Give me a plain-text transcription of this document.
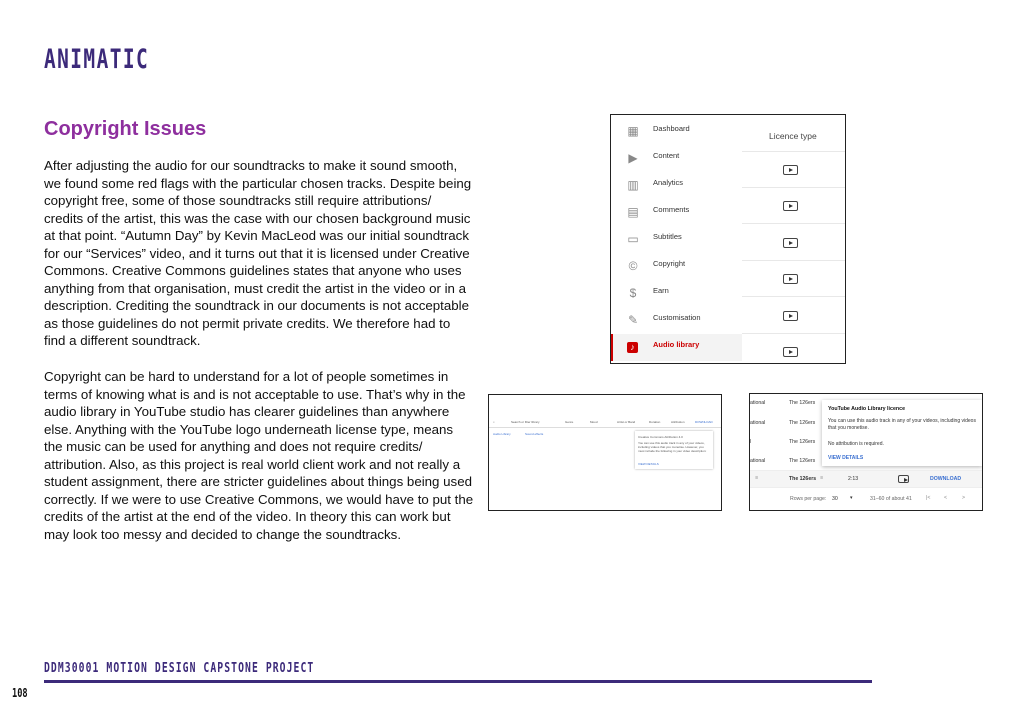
ANIMATIC
Copyright Issues
After adjusting the audio for our soundtracks to make it sound smooth, we found some red flags with the particular chosen tracks. Despite being copyright free, some of those soundtracks still require attributions/ credits of the artist, this was the case with our chosen background music at that point. “Autumn Day” by Kevin MacLeod was our initial soundtrack for our “Services” video, and it turns out that it is licensed under Creative Commons. Creative Commons guidelines states that anyone who uses anything from that organisation, must credit the artist in the video or in a description. Crediting the soundtrack in our documents is not acceptable as those guidelines do not permit private credits. We therefore had to find a different soundtrack.
Copyright can be hard to understand for a lot of people sometimes in terms of knowing what is and is not acceptable to use. That’s why in the audio library in YouTube studio has clearer guidelines than anywhere else. Anything with the YouTube logo underneath license type, means the music can be used for anything and does not require credits/ attribution. Also, as this project is real world client work and not really a student assignment, there are stricter guidelines about things being used correctly. If we were to use Creative Commons, we would have to put the credits of the artist at the end of the video. In theory this can work but may look too messy and decided to change the soundtracks.
▦ Dashboard
▶	Content
▥ Analytics
▤ Comments
▭ Subtitles
©	Copyright
$	Earn
✎ Customisation
♪	Audio library
Licence type
⌕	Search or filter library	Genre	Mood	Artist or Band	Duration	Attribution	DOWNLOAD
Audio Library	Sound effects
Creative Commons Attribution 4.0
You can use this audio track in any of your videos, including videos that you monetise. However, you must include the following in your video description:
VIEW DETAILS
ational	The 126ers
ational	The 126ers
l	The 126ers
ational	The 126ers
YouTube Audio Library licence
You can use this audio track in any of your videos, including videos that you monetise.
No attribution is required.
VIEW DETAILS
≡	The 126ers ≡	2:13	DOWNLOAD
Rows per page: 30 ▾	31–60 of about 41	|<	<	>
DDM30001 MOTION DESIGN CAPSTONE PROJECT
108
